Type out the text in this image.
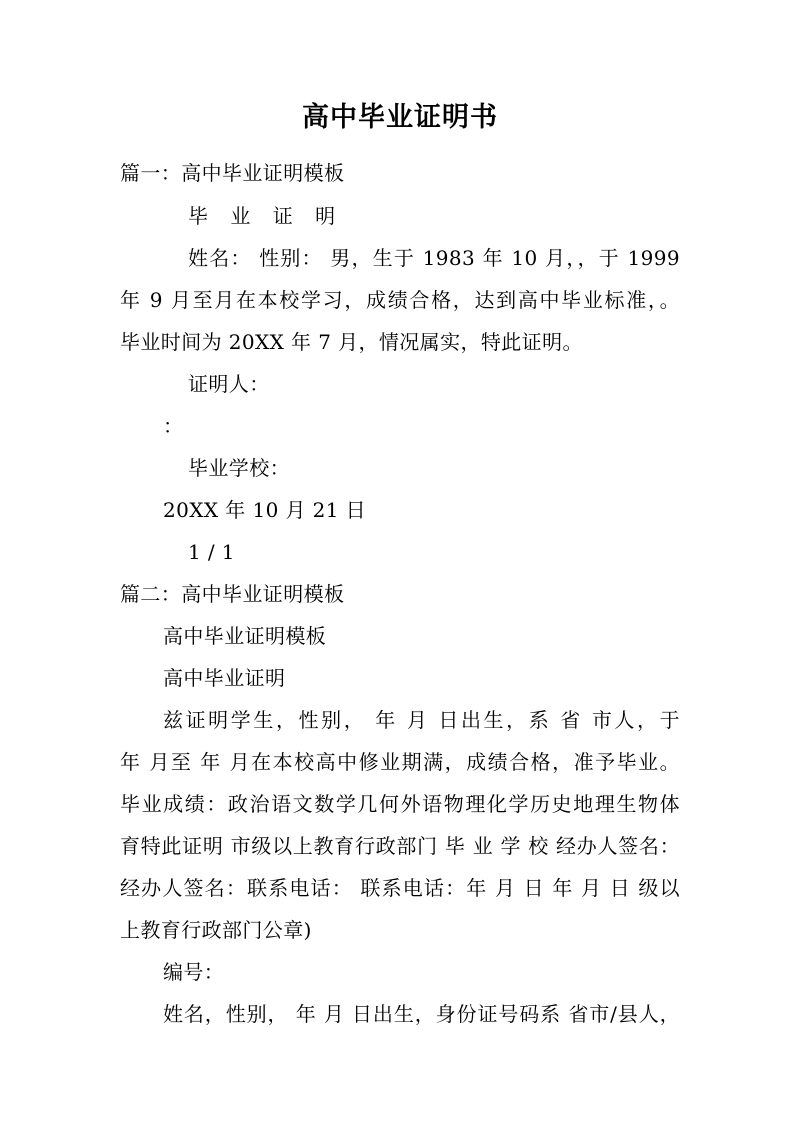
高中毕业证明书
篇一：高中毕业证明模板
毕 业 证 明
姓名： 性别： 男，生于 1983 年 10 月，，于 1999
年 9 月至月在本校学习，成绩合格，达到高中毕业标准，。
毕业时间为 20XX 年 7 月，情况属实，特此证明。
证明人：
：
毕业学校：
20XX 年 10 月 21 日
1 / 1
篇二：高中毕业证明模板
高中毕业证明模板
高中毕业证明
兹证明学生，性别， 年 月 日出生，系 省 市人，于
年 月至 年 月在本校高中修业期满，成绩合格，准予毕业。
毕业成绩：政治语文数学几何外语物理化学历史地理生物体
育特此证明 市级以上教育行政部门 毕 业 学 校 经办人签名：
经办人签名：联系电话： 联系电话：年 月 日 年 月 日 级以
上教育行政部门公章)
编号：
姓名，性别， 年 月 日出生，身份证号码系 省市/县人，
